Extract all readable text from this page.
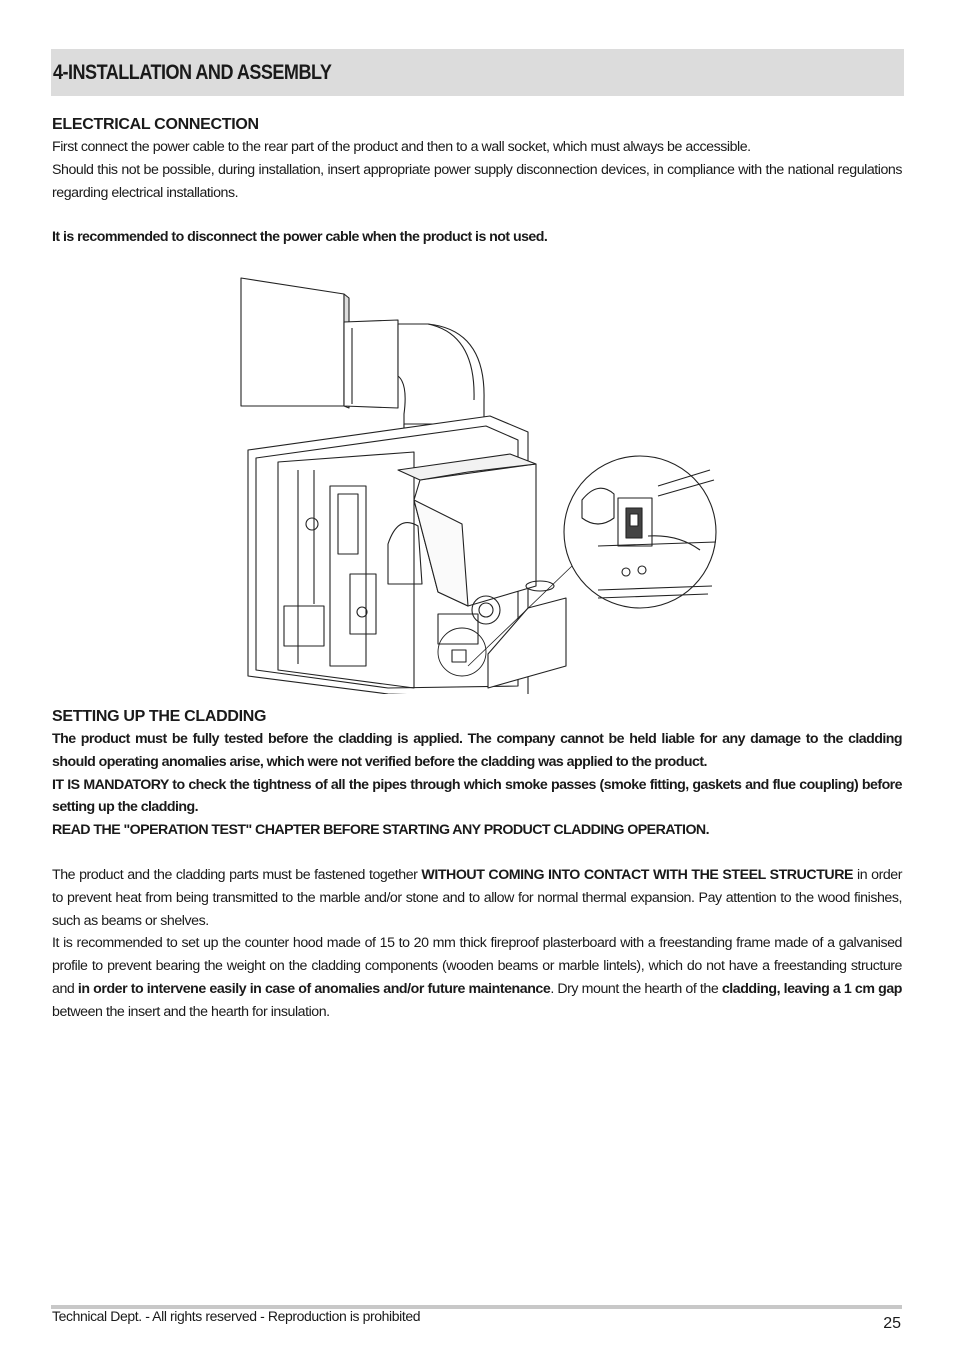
4-INSTALLATION AND ASSEMBLY
ELECTRICAL CONNECTION

First connect the power cable to the rear part of the product and then to a wall socket, which must always be accessible.

Should this not be possible, during installation, insert appropriate power supply disconnection devices, in compliance with the national regulations regarding electrical installations.

It is recommended to disconnect the power cable when the product is not used.

SETTING UP THE CLADDING

The product must be fully tested before the cladding is applied. The company cannot be held liable for any damage to the cladding should operating anomalies arise, which were not verified before the cladding was applied to the product.

IT IS MANDATORY to check the tightness of all the pipes through which smoke passes (smoke fitting, gaskets and flue coupling) before setting up the cladding.

READ THE "OPERATION TEST" CHAPTER BEFORE STARTING ANY PRODUCT CLADDING OPERATION.

The product and the cladding parts must be fastened together WITHOUT COMING INTO CONTACT WITH THE STEEL STRUCTURE in order to prevent heat from being transmitted to the marble and/or stone and to allow for normal thermal expansion. Pay attention to the wood finishes, such as beams or shelves.

It is recommended to set up the counter hood made of 15 to 20 mm thick fireproof plasterboard with a freestanding frame made of a galvanised profile to prevent bearing the weight on the cladding components (wooden beams or marble lintels), which do not have a freestanding structure and in order to intervene easily in case of anomalies and/or future maintenance. Dry mount the hearth of the cladding, leaving a 1 cm gap between the insert and the hearth for insulation.

Technical Dept. - All rights reserved - Reproduction is prohibited	25
